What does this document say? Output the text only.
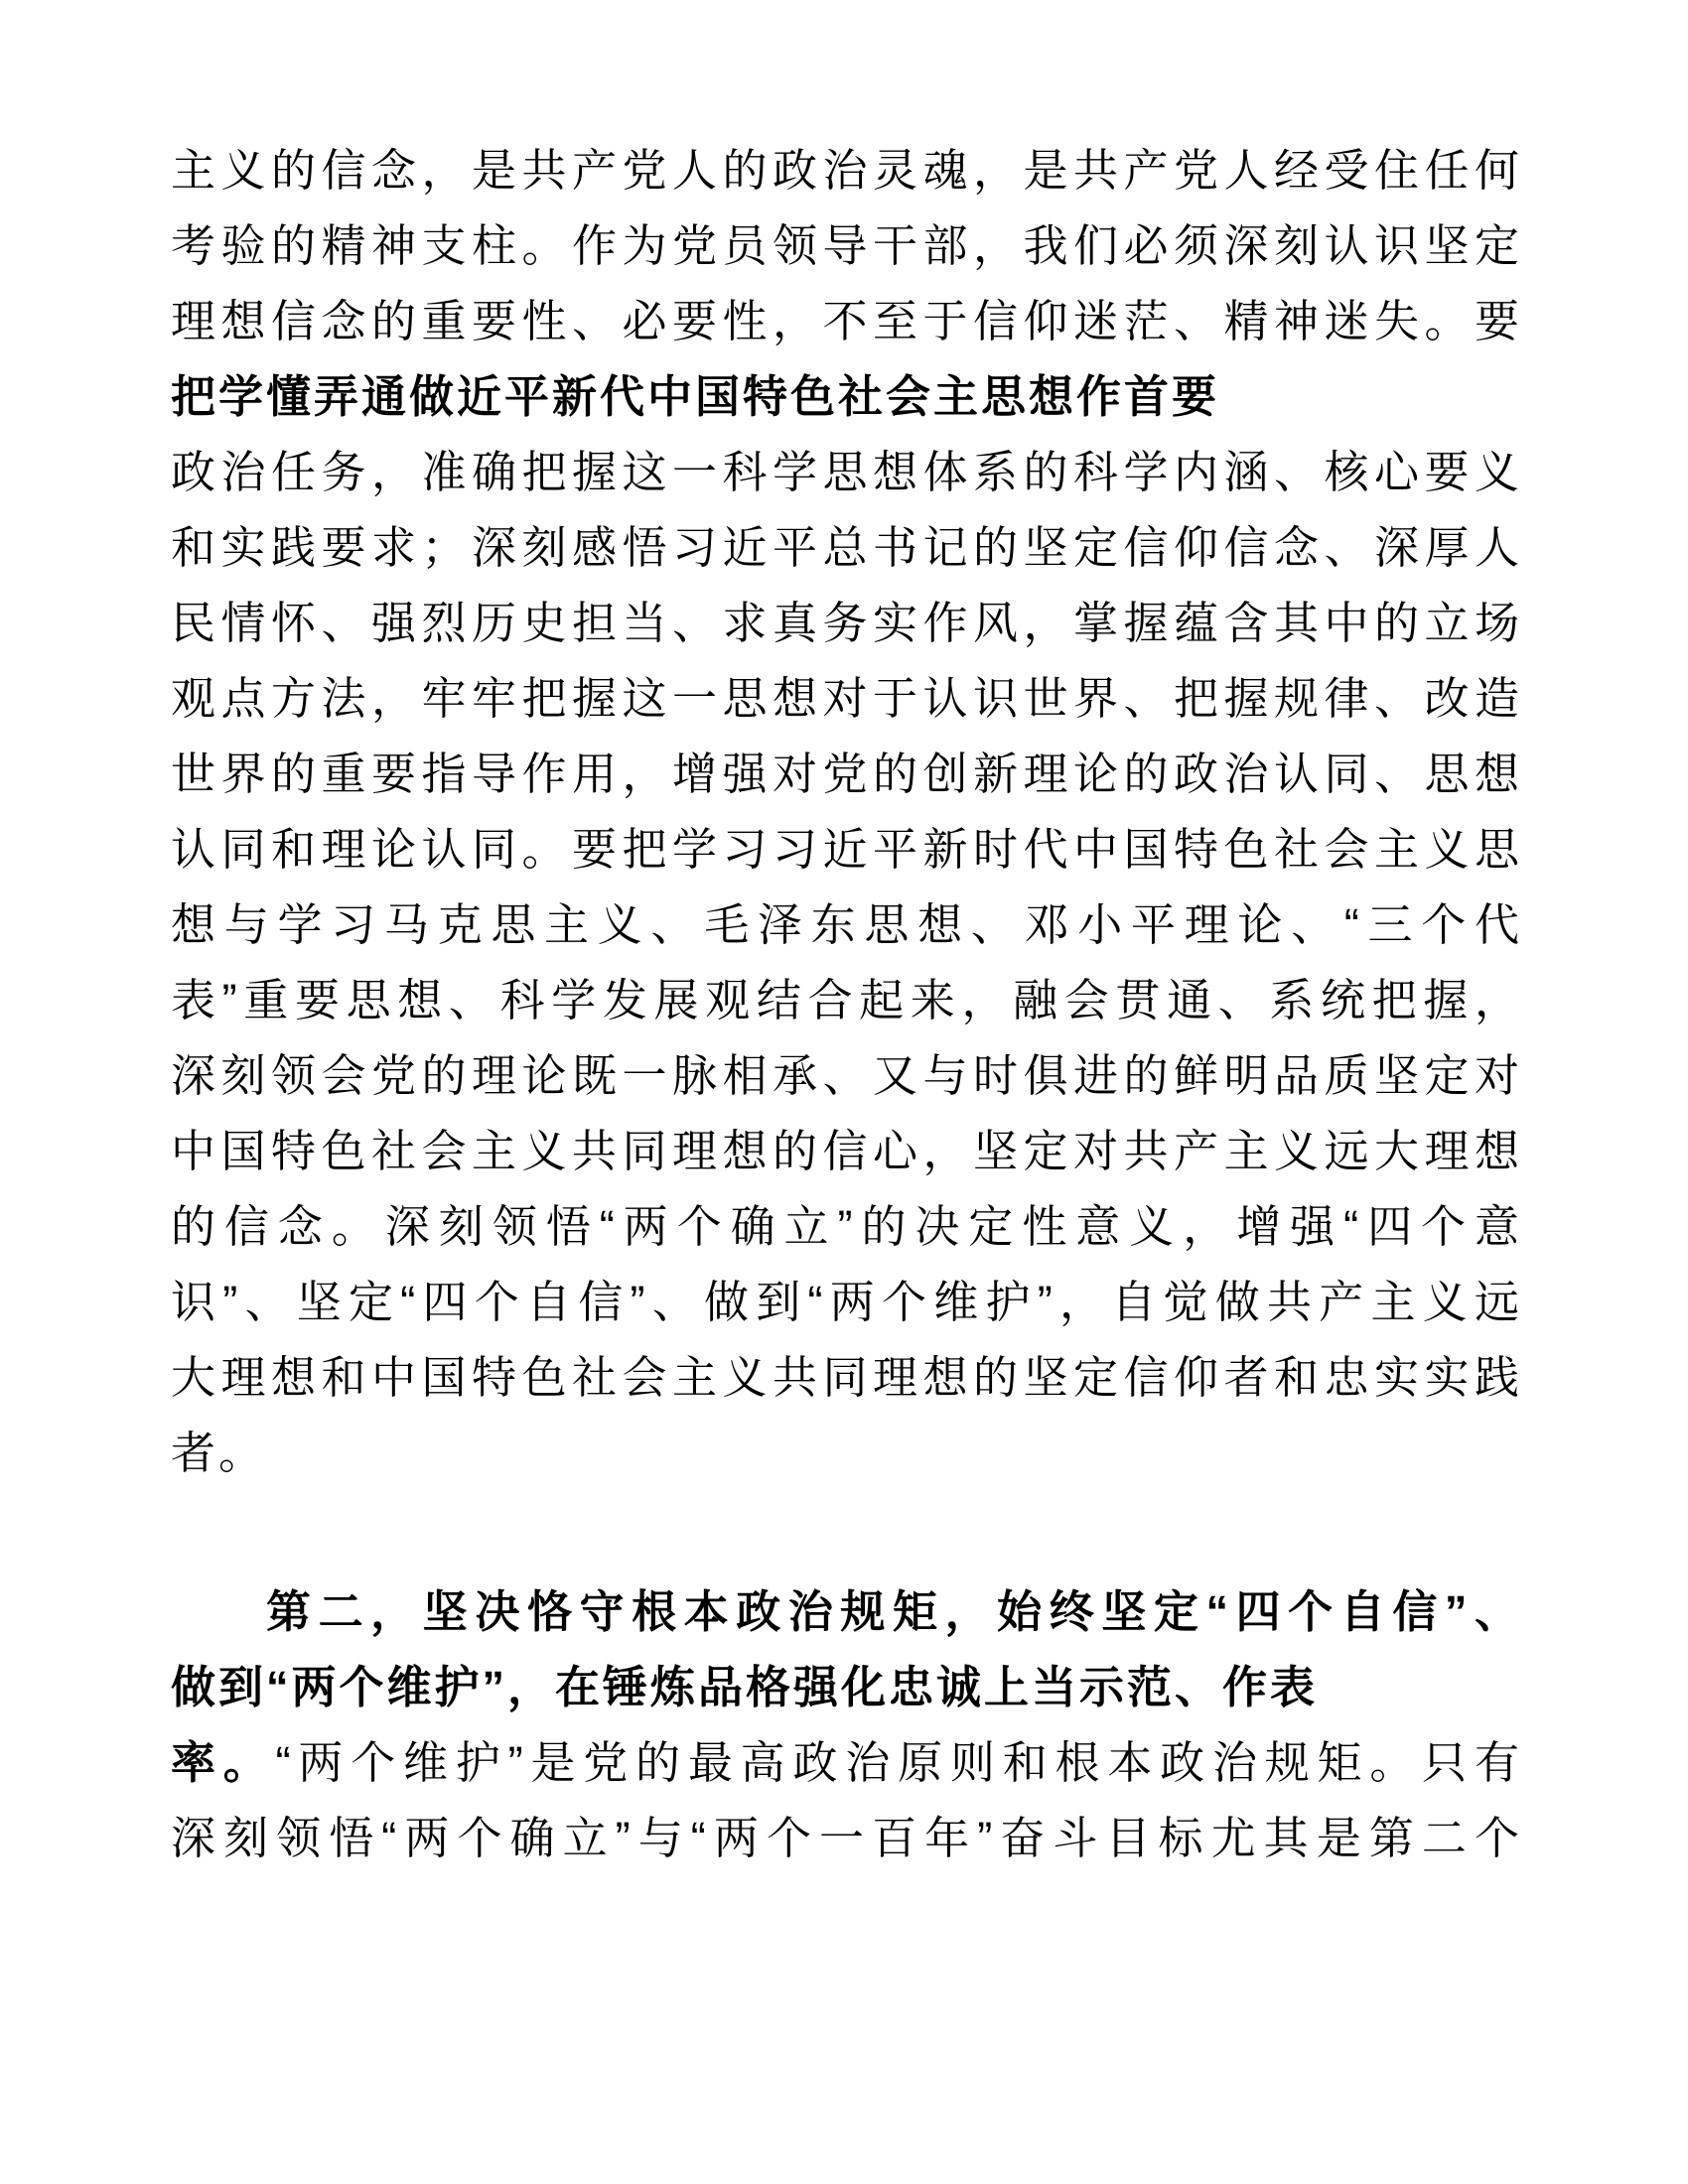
主义的信念，是共产党人的政治灵魂，是共产党人经受住任何
考验的精神支柱。作为党员领导干部，我们必须深刻认识坚定
理想信念的重要性、必要性，不至于信仰迷茫、精神迷失。要
把学懂弄通做近平新代中国特色社会主思想作首要
政治任务，准确把握这一科学思想体系的科学内涵、核心要义
和实践要求；深刻感悟习近平总书记的坚定信仰信念、深厚人
民情怀、强烈历史担当、求真务实作风，掌握蕴含其中的立场
观点方法，牢牢把握这一思想对于认识世界、把握规律、改造
世界的重要指导作用，增强对党的创新理论的政治认同、思想
认同和理论认同。要把学习习近平新时代中国特色社会主义思
想与学习马克思主义、毛泽东思想、邓小平理论、“三个代
表”重要思想、科学发展观结合起来，融会贯通、系统把握，
深刻领会党的理论既一脉相承、又与时俱进的鲜明品质坚定对
中国特色社会主义共同理想的信心，坚定对共产主义远大理想
的信念。深刻领悟“两个确立”的决定性意义，增强“四个意
识”、坚定“四个自信”、做到“两个维护”，自觉做共产主义远
大理想和中国特色社会主义共同理想的坚定信仰者和忠实实践
者。
第二，坚决恪守根本政治规矩，始终坚定“四个自信”、
做到“两个维护”，在锤炼品格强化忠诚上当示范、作表
率。“两个维护”是党的最高政治原则和根本政治规矩。只有
深刻领悟“两个确立”与“两个一百年”奋斗目标尤其是第二个
